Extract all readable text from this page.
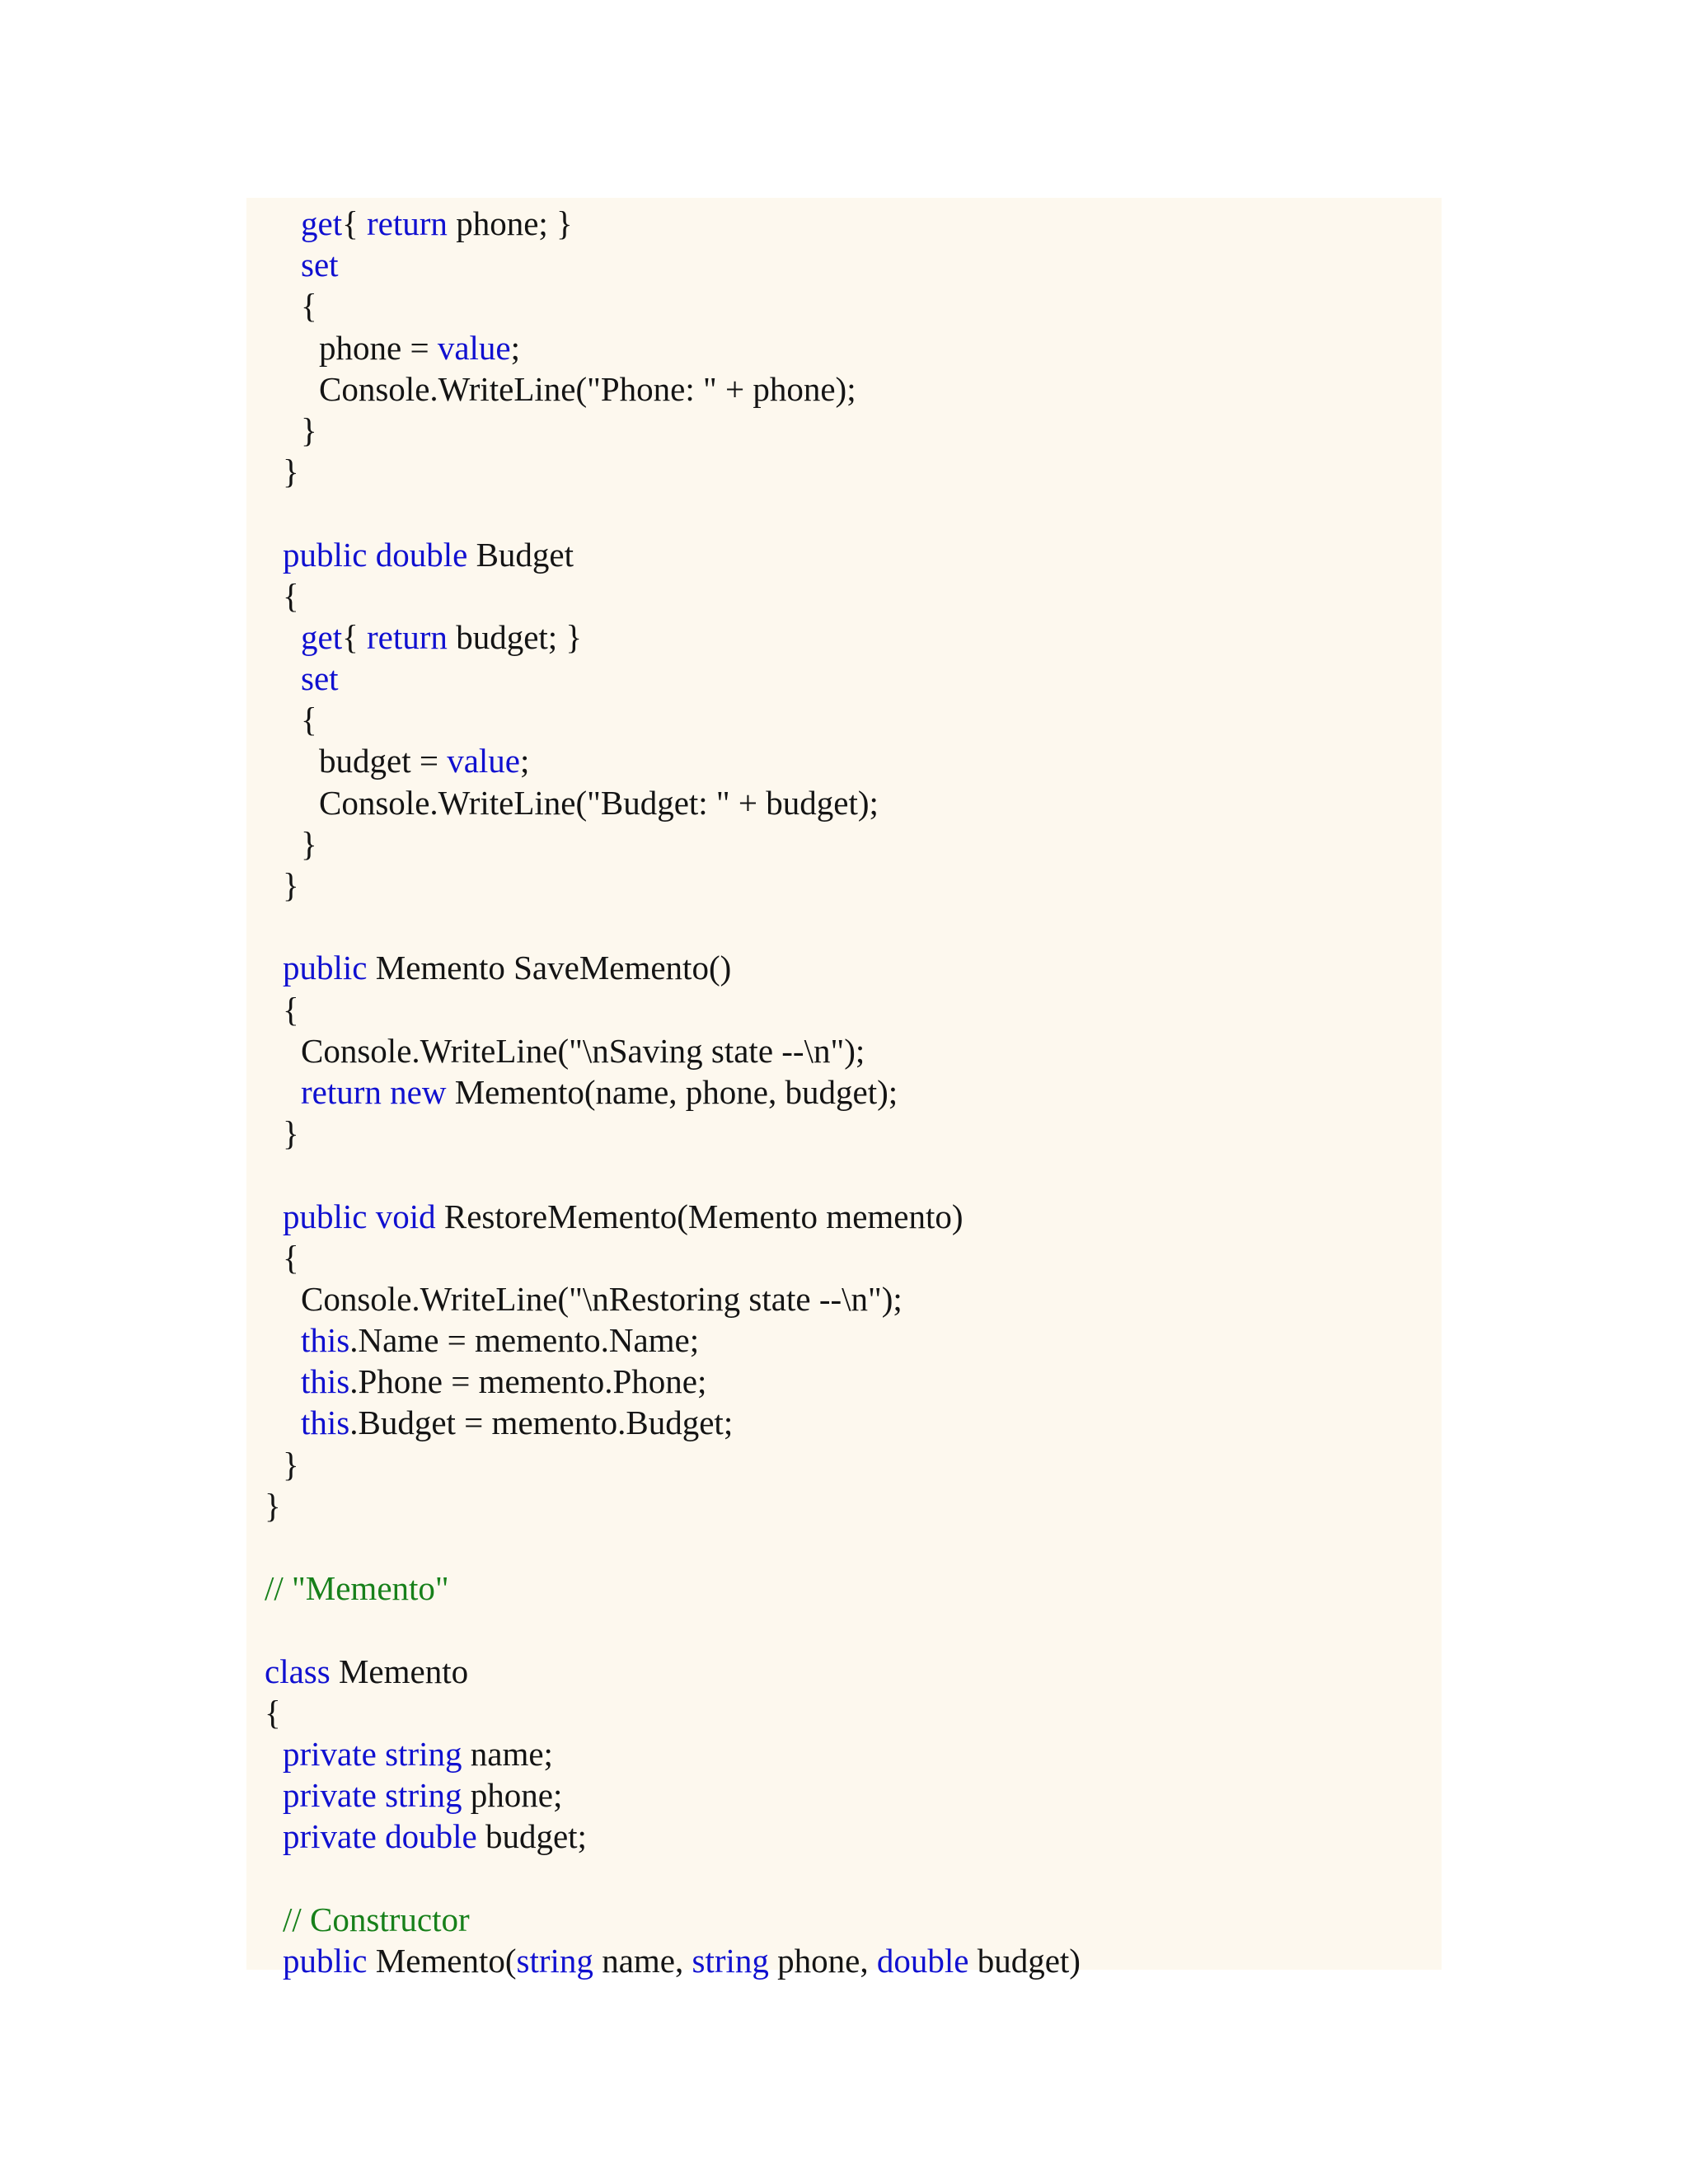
get{ return phone; }
set
{
phone = value;
Console.WriteLine("Phone: " + phone);
}
}
public double Budget
{
get{ return budget; }
set
{
budget = value;
Console.WriteLine("Budget: " + budget);
}
}
public Memento SaveMemento()
{
Console.WriteLine("\nSaving state --\n");
return new Memento(name, phone, budget);
}
public void RestoreMemento(Memento memento)
{
Console.WriteLine("\nRestoring state --\n");
this.Name = memento.Name;
this.Phone = memento.Phone;
this.Budget = memento.Budget;
}
}
// "Memento"
class Memento
{
private string name;
private string phone;
private double budget;
// Constructor
public Memento(string name, string phone, double budget)
